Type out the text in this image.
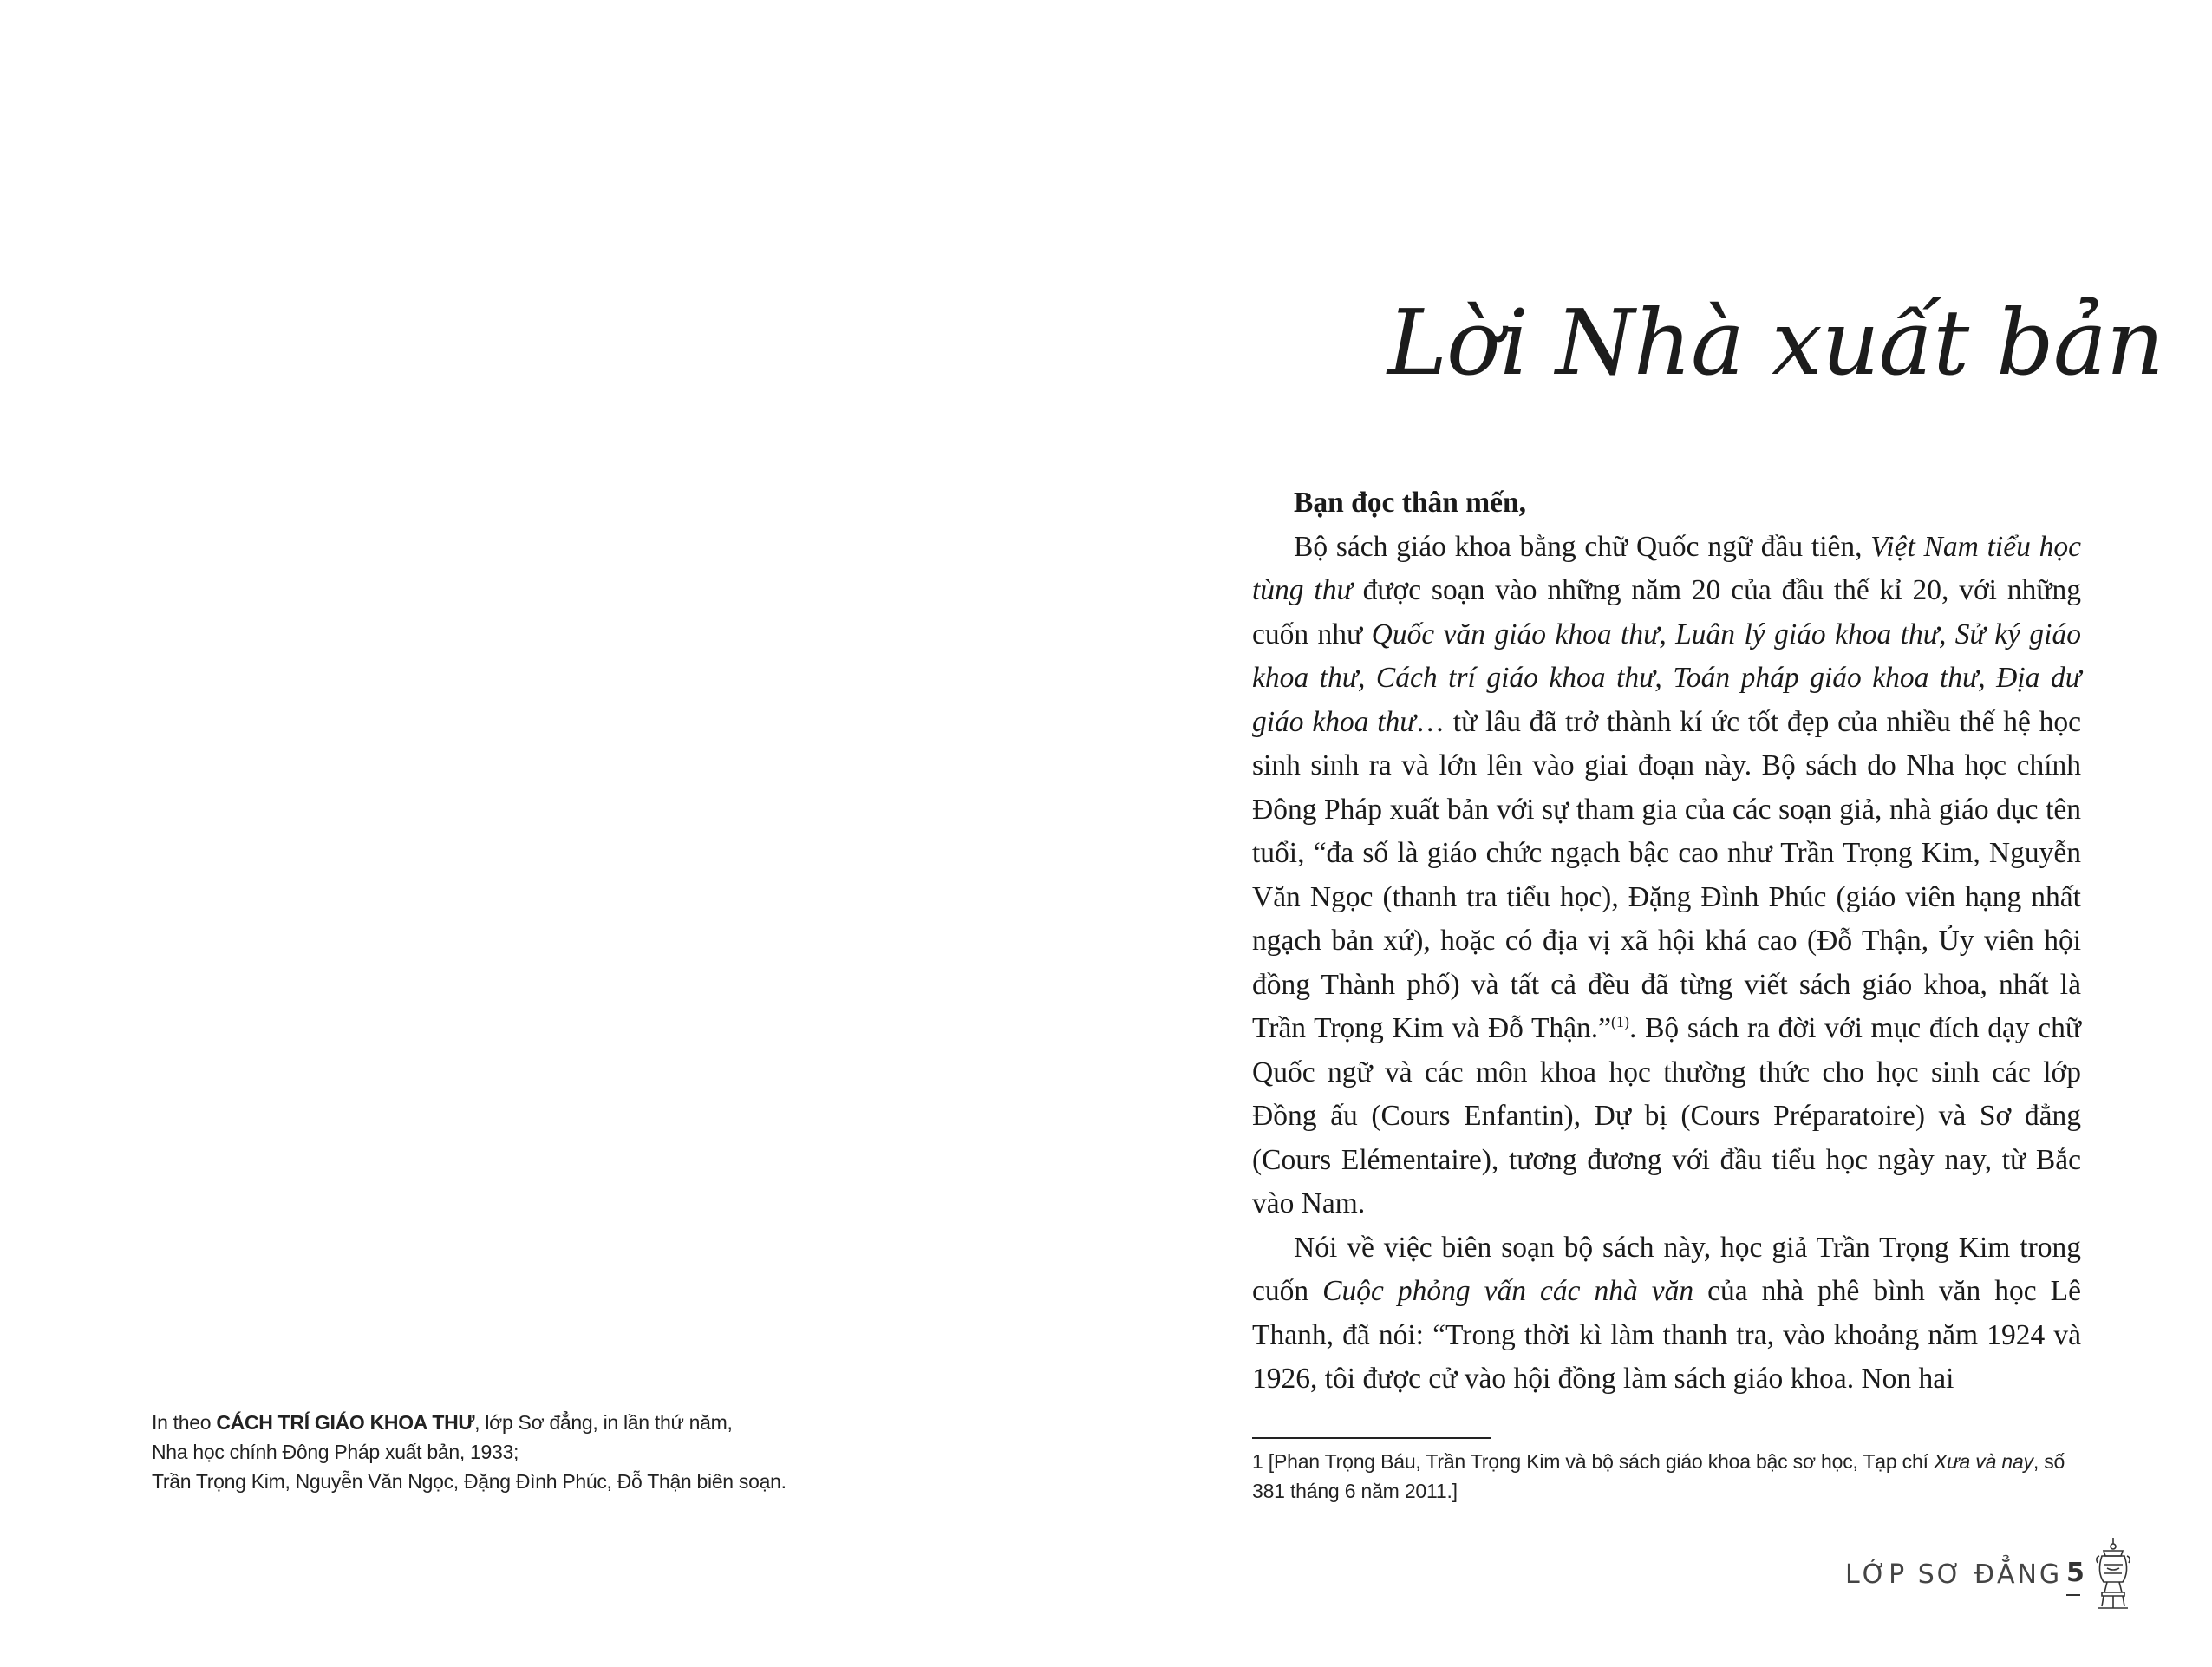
In theo CÁCH TRÍ GIÁO KHOA THƯ, lớp Sơ đẳng, in lần thứ năm,
Nha học chính Đông Pháp xuất bản, 1933;
Trần Trọng Kim, Nguyễn Văn Ngọc, Đặng Đình Phúc, Đỗ Thận biên soạn.
Lời Nhà xuất bản

Bạn đọc thân mến,

Bộ sách giáo khoa bằng chữ Quốc ngữ đầu tiên, Việt Nam tiểu học tùng thư được soạn vào những năm 20 của đầu thế kỉ 20, với những cuốn như Quốc văn giáo khoa thư, Luân lý giáo khoa thư, Sử ký giáo khoa thư, Cách trí giáo khoa thư, Toán pháp giáo khoa thư, Địa dư giáo khoa thư… từ lâu đã trở thành kí ức tốt đẹp của nhiều thế hệ học sinh sinh ra và lớn lên vào giai đoạn này. Bộ sách do Nha học chính Đông Pháp xuất bản với sự tham gia của các soạn giả, nhà giáo dục tên tuổi, “đa số là giáo chức ngạch bậc cao như Trần Trọng Kim, Nguyễn Văn Ngọc (thanh tra tiểu học), Đặng Đình Phúc (giáo viên hạng nhất ngạch bản xứ), hoặc có địa vị xã hội khá cao (Đỗ Thận, Ủy viên hội đồng Thành phố) và tất cả đều đã từng viết sách giáo khoa, nhất là Trần Trọng Kim và Đỗ Thận.”$^{(1)}$. Bộ sách ra đời với mục đích dạy chữ Quốc ngữ và các môn khoa học thường thức cho học sinh các lớp Đồng ấu (Cours Enfantin), Dự bị (Cours Préparatoire) và Sơ đẳng (Cours Elémentaire), tương đương với đầu tiểu học ngày nay, từ Bắc vào Nam.

Nói về việc biên soạn bộ sách này, học giả Trần Trọng Kim trong cuốn Cuộc phỏng vấn các nhà văn của nhà phê bình văn học Lê Thanh, đã nói: “Trong thời kì làm thanh tra, vào khoảng năm 1924 và 1926, tôi được cử vào hội đồng làm sách giáo khoa. Non hai

1 [Phan Trọng Báu, Trần Trọng Kim và bộ sách giáo khoa bậc sơ học, Tạp chí Xưa và nay, số 381 tháng 6 năm 2011.]
LỚP SƠ ĐẲNG 5
